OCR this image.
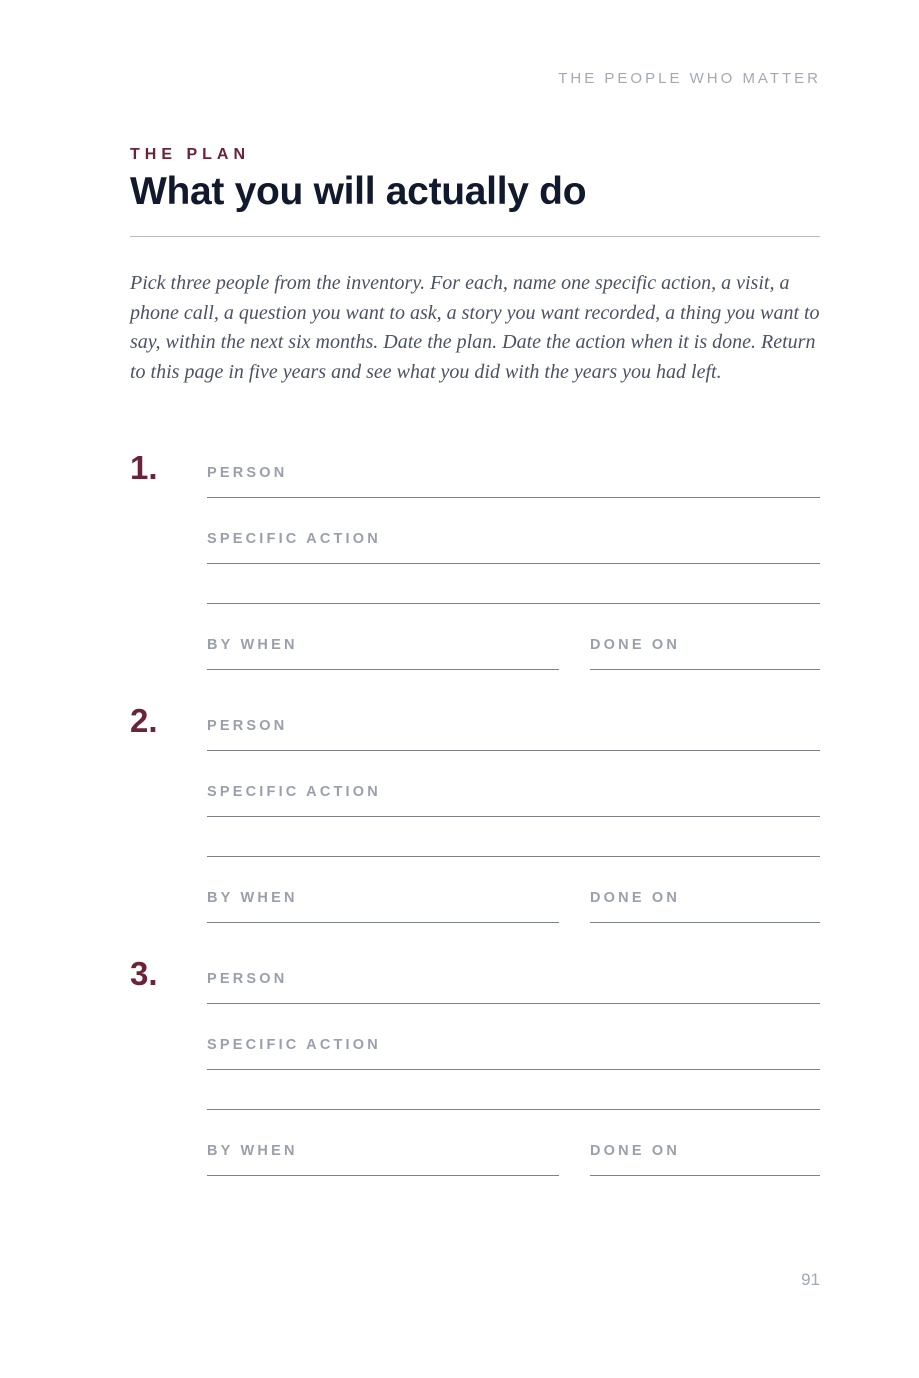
THE PEOPLE WHO MATTER
THE PLAN
What you will actually do

Pick three people from the inventory. For each, name one specific action, a visit, a phone call, a question you want to ask, a story you want recorded, a thing you want to say, within the next six months. Date the plan. Date the action when it is done. Return to this page in five years and see what you did with the years you had left.

1.	PERSON
SPECIFIC ACTION
BY WHEN	DONE ON
2.	PERSON
SPECIFIC ACTION
BY WHEN	DONE ON
3.	PERSON
SPECIFIC ACTION
BY WHEN	DONE ON
91
